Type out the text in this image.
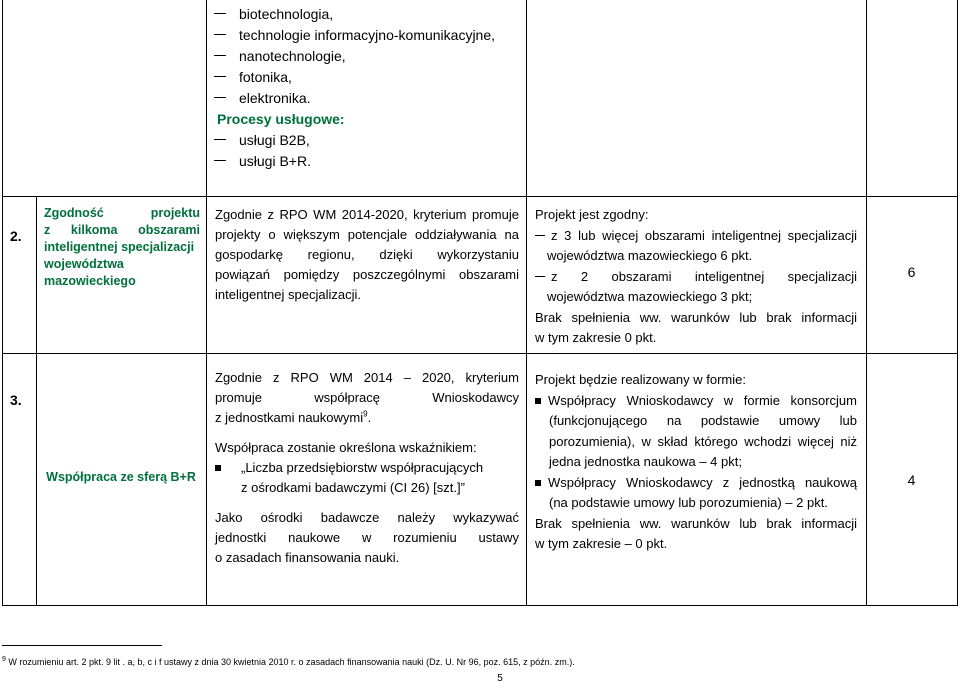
biotechnologia,
technologie informacyjno-komunikacyjne,
nanotechnologie,
fotonika,
elektronika.
Procesy usługowe:
usługi B2B,
usługi B+R.
2.
Zgodność	projektu
z kilkoma obszarami
inteligentnej specjalizacji
województwa
mazowieckiego
Zgodnie z RPO WM 2014-2020, kryterium promuje
projekty o większym potencjale oddziaływania na
gospodarkę regionu, dzięki wykorzystaniu
powiązań pomiędzy poszczególnymi obszarami
inteligentnej specjalizacji.
Projekt jest zgodny:
z 3 lub więcej obszarami inteligentnej specjalizacji
województwa mazowieckiego 6 pkt.
z 2 obszarami inteligentnej specjalizacji
województwa mazowieckiego 3 pkt;
Brak spełnienia ww. warunków lub brak informacji
w tym zakresie 0 pkt.
6
3.
Współpraca ze sferą B+R
Zgodnie z RPO WM 2014 – 2020, kryterium
promuje współpracę Wnioskodawcy
z jednostkami naukowymi$^9$.
Współpraca zostanie określona wskaźnikiem:
„Liczba przedsiębiorstw współpracujących
z ośrodkami badawczymi (CI 26) [szt.]”
Jako ośrodki badawcze należy wykazywać
jednostki naukowe w rozumieniu ustawy
o zasadach finansowania nauki.
Projekt będzie realizowany w formie:
Współpracy Wnioskodawcy w formie konsorcjum
(funkcjonującego na podstawie umowy lub
porozumienia), w skład którego wchodzi więcej niż
jedna jednostka naukowa – 4 pkt;
Współpracy Wnioskodawcy z jednostką naukową
(na podstawie umowy lub porozumienia) – 2 pkt.
Brak spełnienia ww. warunków lub brak informacji
w tym zakresie – 0 pkt.
4
$^9$ W rozumieniu art. 2 pkt. 9 lit . a, b, c i f ustawy z dnia 30 kwietnia 2010 r. o zasadach finansowania nauki (Dz. U. Nr 96, poz. 615, z późn. zm.).
5
